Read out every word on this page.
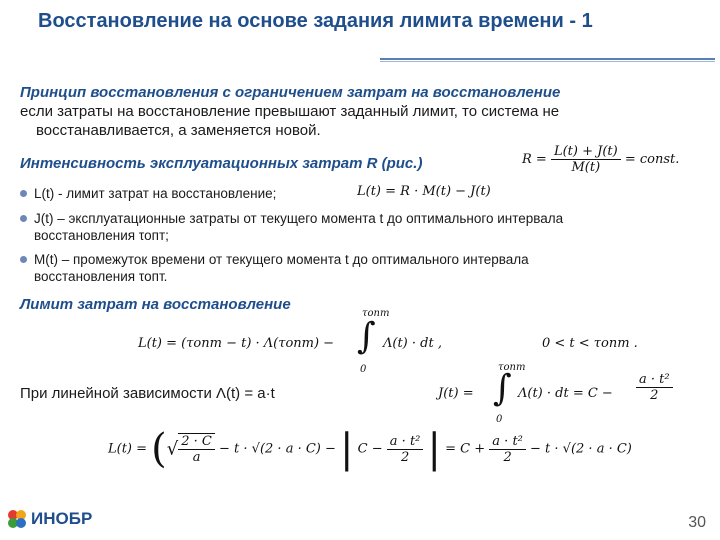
Восстановление на основе задания лимита времени - 1
Принцип восстановления с ограничением затрат на восстановление
если затраты на восстановление превышают заданный лимит, то система не
восстанавливается, а заменяется новой.
Интенсивность эксплуатационных затрат R (рис.)	$R = \frac{L(t) + J(t)}{M(t)}$ = const.
L(t) - лимит затрат на восстановление;	L(t) = R · M(t) − J(t)
J(t) – эксплуатационные затраты от текущего момента t до оптимального интервала
восстановления τопт;
M(t) – промежуток времени от текущего момента t до оптимального интервала
восстановления τопт.
Лимит затрат на восстановление
L(t) = (τопт − t) · Λ(τопт) −
τопт
∫
0
Λ(t) · dt ,	0 < t < τопт .
При линейной зависимости Λ(t) = a·t	J(t) =
τопт
∫
0
Λ(t) · dt = $C - \frac{\text{a · t²}}{2}$
L(t) = (√ $\frac{2 \cdot C}{a} - t \cdot √(2 \cdot a \cdot C)$ − | $C - \frac{\text{a · t²}}{2}$ | = $C + \frac{\text{a · t²}}{2} - t \cdot √(2 \cdot a \cdot C)$
ИНОБР	30
